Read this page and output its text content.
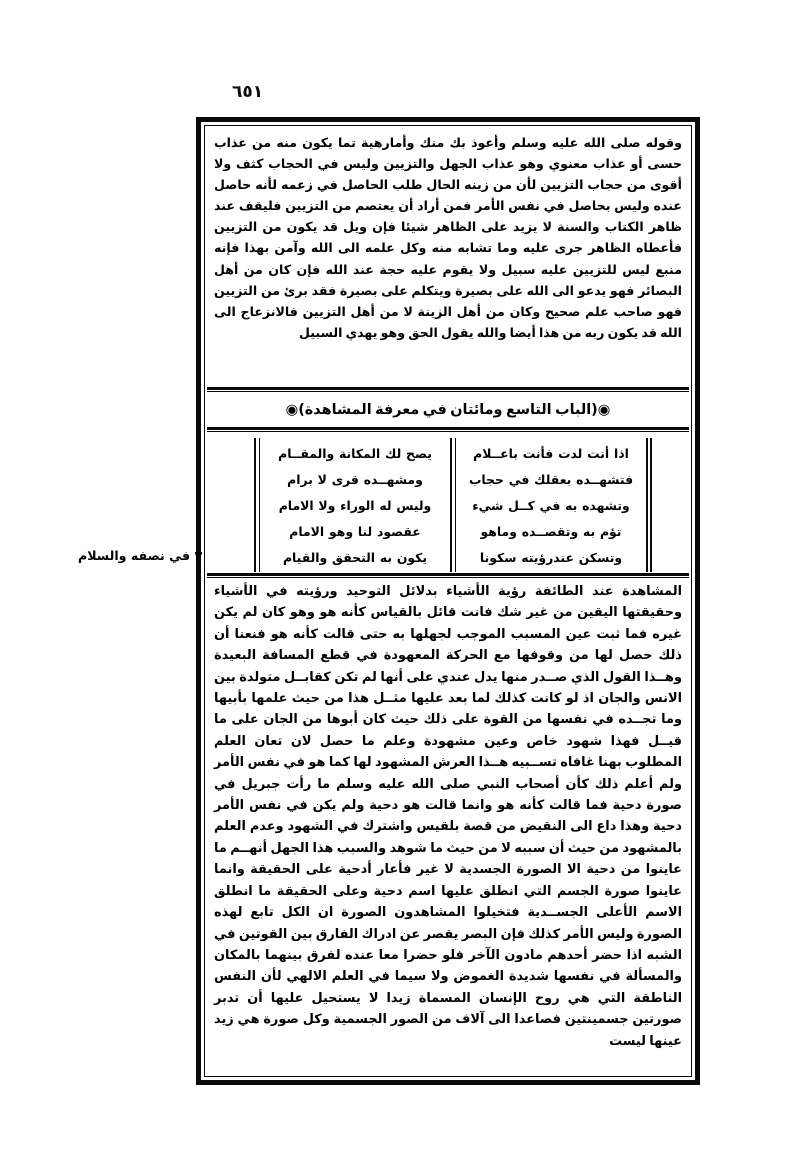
٦٥١

وقوله صلى الله عليه وسلم وأعوذ بك منك وأمارهية تما يكون منه من عذاب حسى أو عذاب معنوي وهو عذاب الجهل والتزيين وليس في الحجاب كثف ولا أقوى من حجاب التزيين لأن من زينه الحال طلب الحاصل في زعمه لأنه حاصل عنده وليس بحاصل في نفس الأمر فمن أراد أن يعتصم من التزيين فليقف عند ظاهر الكتاب والسنة لا يزيد على الظاهر شيئا فإن ويل قد يكون من التزيين فأعطاه الظاهر جرى عليه وما تشابه منه وكل علمه الى الله وآمن بهذا فإنه منبع ليس للتزيين عليه سبيل ولا يقوم عليه حجة عند الله فإن كان من أهل البصائر فهو يدعو الى الله على بصيرة ويتكلم على بصيرة فقد برئ من التزيين فهو صاحب علم صحيح وكان من أهل الزينة لا من أهل التزيين فالانزعاج الى الله قد يكون ربه من هذا أيضا والله يقول الحق وهو يهدي السبيل

◉(الباب التاسع ومائتان في معرفة المشاهدة)◉
	اذا أنت لدت فأنت باعــلام		يصح لك المكانة والمقــام	

	فتشهــده بعقلك في حجاب		ومشهــده قرى لا برام	

	وتشهده به في كــل شيء		وليس له الوراء ولا الامام	

	تؤم به وتقصــده وماهو		عقصود لنا وهو الامام	

	وتسكن عندرؤيته سكونا		يكون به التحقق والقيام	

المشاهدة عند الطائفة رؤية الأشياء بدلائل التوحيد ورؤيته في الأشياء وحقيقتها اليقين من غير شك فانت قائل بالقياس كأنه هو وهو كان لم يكن غيره فما ثبت عين المسبب الموجب لجهلها به حتى قالت كأنه هو فنعنا أن ذلك حصل لها من وقوفها مع الحركة المعهودة في قطع المسافة البعيدة وهــذا القول الذي صــدر منها يدل عندي على أنها لم تكن كقابــل متولدة بين الانس والجان اذ لو كانت كذلك لما بعد عليها مثــل هذا من حيث علمها بأبيها وما تجــده في نفسها من القوة على ذلك حيث كان أبوها من الجان على ما قيــل فهذا شهود خاص وعين مشهودة وعلم ما حصل لان تعان العلم المطلوب بهنا غافاه تســبيه هــذا العرش المشهود لها كما هو في نفس الأمر ولم أعلم ذلك كأن أصحاب النبي صلى الله عليه وسلم ما رأت جبريل في صورة دحية فما قالت كأنه هو وانما قالت هو دحية ولم يكن في نفس الأمر دحية وهذا داع الى النقيض من قصة بلقيس واشترك في الشهود وعدم العلم بالمشهود من حيث أن سببه لا من حيث ما شوهد والسبب هذا الجهل أنهــم ما عاينوا من دحية الا الصورة الجسدية لا غير فأعار أدحية على الحقيقة وانما عاينوا صورة الجسم التي انطلق عليها اسم دحية وعلى الحقيقة ما انطلق الاسم الأعلى الجســدية فتخيلوا المشاهدون الصورة ان الكل تابع لهذه الصورة وليس الأمر كذلك فإن البصر يقصر عن ادراك الفارق بين القوتين في الشبه اذا حضر أحدهم مادون الآخر فلو حضرا معا عنده لفرق بينهما بالمكان والمسألة في نفسها شديدة الغموض ولا سيما في العلم الالهي لأن النفس الناطقة التي هي روح الإنسان المسماة زيدا لا يستحيل عليها أن تدبر صورتين جسمينتين فصاعدا الى آلاف من الصور الجسمية وكل صورة هي زيد عينها ليست

٣ في نصفه والسلام
